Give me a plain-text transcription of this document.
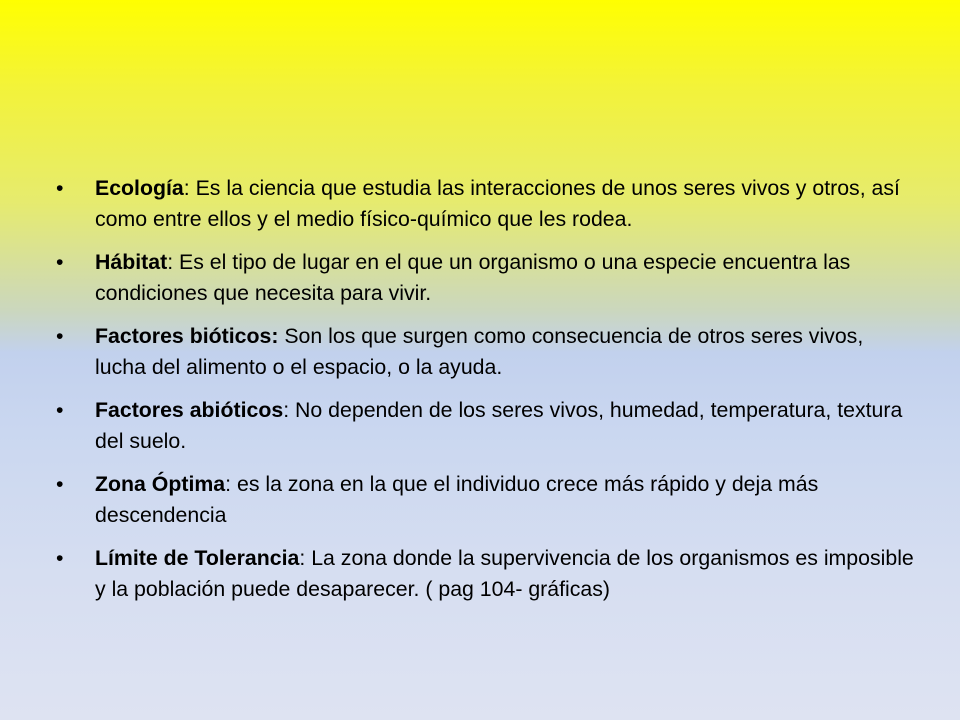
• Ecología: Es la ciencia que estudia las interacciones de unos seres vivos y otros, así como entre ellos y el medio físico-químico que les rodea.
• Hábitat: Es el tipo de lugar en el que un organismo o una especie encuentra las condiciones que necesita para vivir.
• Factores bióticos: Son los que surgen como consecuencia de otros seres vivos, lucha del alimento o el espacio, o la ayuda.
• Factores abióticos: No dependen de los seres vivos, humedad, temperatura, textura del suelo.
• Zona Óptima: es la zona en la que el individuo crece más rápido y deja más descendencia
• Límite de Tolerancia: La zona donde la supervivencia de los organismos es imposible y la población puede desaparecer. ( pag 104- gráficas)
